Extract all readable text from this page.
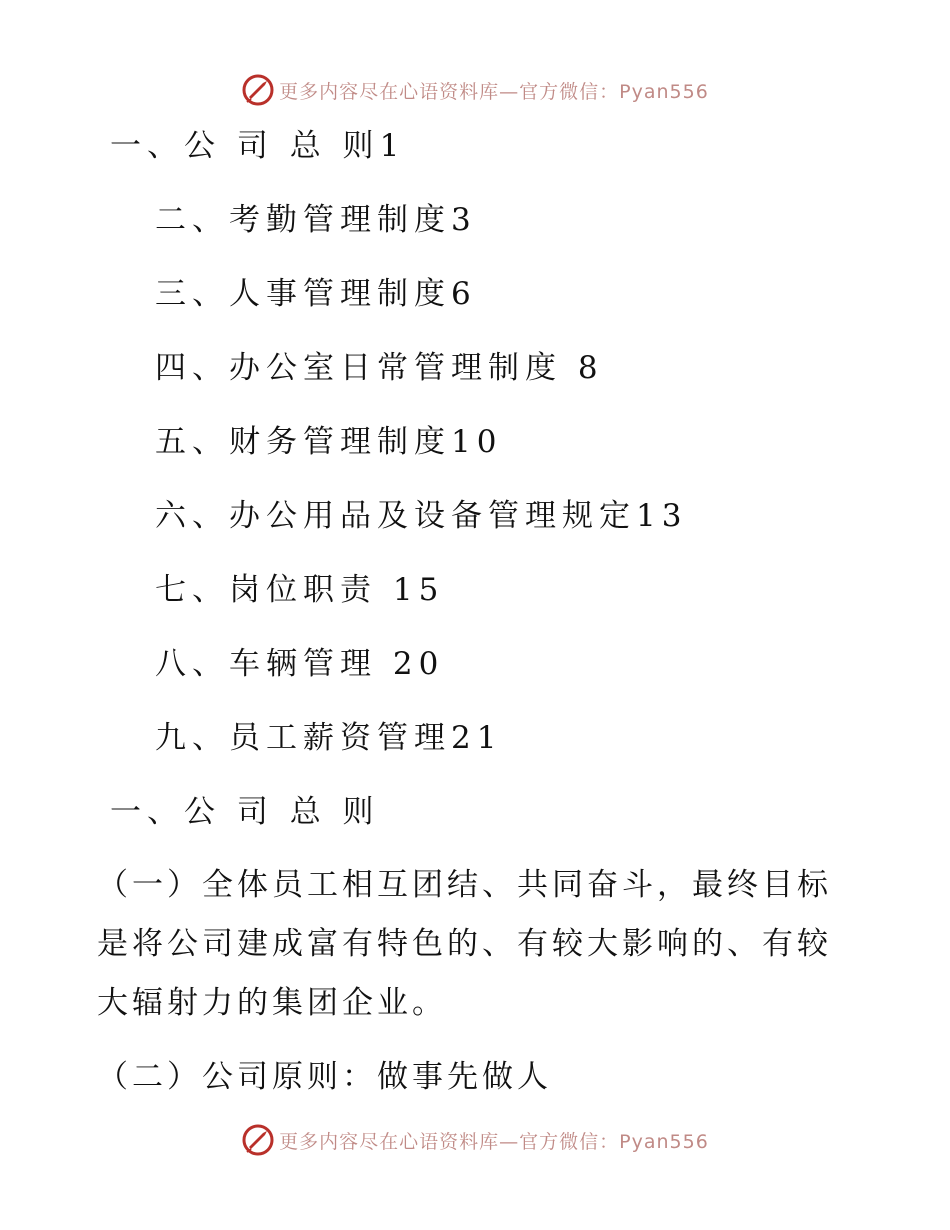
更多内容尽在心语资料库—官方微信：Pyan556
一、公 司 总 则1
二、考勤管理制度3
三、人事管理制度6
四、办公室日常管理制度 8
五、财务管理制度10
六、办公用品及设备管理规定13
七、岗位职责 15
八、车辆管理 20
九、员工薪资管理21
一、公 司 总 则
（一）全体员工相互团结、共同奋斗，最终目标是将公司建成富有特色的、有较大影响的、有较大辐射力的集团企业。
（二）公司原则：做事先做人
更多内容尽在心语资料库—官方微信：Pyan556
